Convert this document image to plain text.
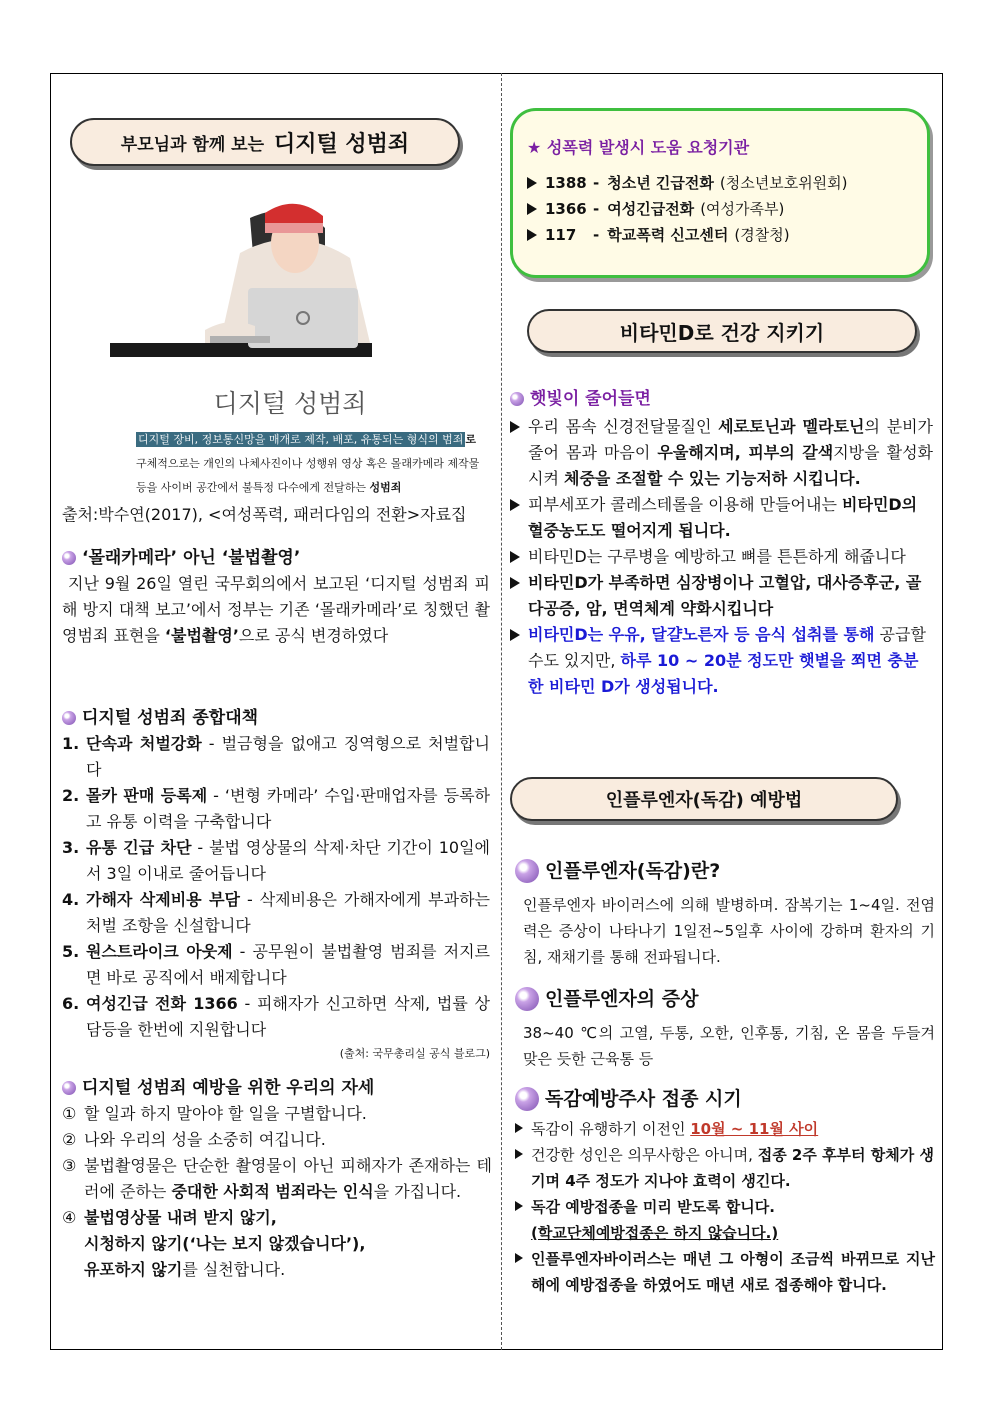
부모님과 함께 보는 디지털 성범죄
디지털 성범죄
디지털 장비, 정보통신망을 매개로 제작, 배포, 유통되는 형식의 범죄 로
구체적으로는 개인의 나체사진이나 성행위 영상 혹은 몰래카메라 제작물
등을 사이버 공간에서 불특정 다수에게 전달하는 성범죄
출처:박수연(2017), <여성폭력, 패러다임의 전환>자료집
‘몰래카메라’ 아닌 ‘불법촬영’
지난 9월 26일 열린 국무회의에서 보고된 ‘디지털 성범죄 피해 방지 대책 보고’에서 정부는 기존 ‘몰래카메라’로 칭했던 촬영범죄 표현을 ‘불법촬영’으로 공식 변경하였다
디지털 성범죄 종합대책
1. 단속과 처벌강화 - 벌금형을 없애고 징역형으로 처벌합니다
2. 몰카 판매 등록제 - ‘변형 카메라’ 수입·판매업자를 등록하고 유통 이력을 구축합니다
3. 유통 긴급 차단 - 불법 영상물의 삭제·차단 기간이 10일에서 3일 이내로 줄어듭니다
4. 가해자 삭제비용 부담 - 삭제비용은 가해자에게 부과하는 처벌 조항을 신설합니다
5. 원스트라이크 아웃제 - 공무원이 불법촬영 범죄를 저지르면 바로 공직에서 배제합니다
6. 여성긴급 전화 1366 - 피해자가 신고하면 삭제, 법률 상담등을 한번에 지원합니다
(출처: 국무총리실 공식 블로그)
디지털 성범죄 예방을 위한 우리의 자세
① 할 일과 하지 말아야 할 일을 구별합니다.
② 나와 우리의 성을 소중히 여깁니다.
③ 불법촬영물은 단순한 촬영물이 아닌 피해자가 존재하는 테러에 준하는 중대한 사회적 범죄라는 인식을 가집니다.
④ 불법영상물 내려 받지 않기,
시청하지 않기(‘나는 보지 않겠습니다’),
유포하지 않기를 실천합니다.
★ 성폭력 발생시 도움 요청기관
1388 - 청소년 긴급전화 (청소년보호위원회)
1366 - 여성긴급전화 (여성가족부)
117	- 학교폭력 신고센터 (경찰청)
비타민D로 건강 지키기
햇빛이 줄어들면
우리 몸속 신경전달물질인 세로토닌과 멜라토닌의 분비가 줄어 몸과 마음이 우울해지며, 피부의 갈색지방을 활성화시켜 체중을 조절할 수 있는 기능저하 시킵니다.
피부세포가 콜레스테롤을 이용해 만들어내는 비타민D의 혈중농도도 떨어지게 됩니다.
비타민D는 구루병을 예방하고 뼈를 튼튼하게 해줍니다
비타민D가 부족하면 심장병이나 고혈압, 대사증후군, 골다공증, 암, 면역체계 약화시킵니다
비타민D는 우유, 달걀노른자 등 음식 섭취를 통해 공급할 수도 있지만, 하루 10 ~ 20분 정도만 햇볕을 쬐면 충분한 비타민 D가 생성됩니다.
인플루엔자(독감) 예방법
인플루엔자(독감)란?
인플루엔자 바이러스에 의해 발병하며. 잠복기는 1~4일. 전염력은 증상이 나타나기 1일전~5일후 사이에 강하며 환자의 기침, 재채기를 통해 전파됩니다.
인플루엔자의 증상
38~40 ℃의 고열, 두통, 오한, 인후통, 기침, 온 몸을 두들겨 맞은 듯한 근육통 등
독감예방주사 접종 시기
독감이 유행하기 이전인 10월 ~ 11월 사이
건강한 성인은 의무사항은 아니며, 접종 2주 후부터 항체가 생기며 4주 정도가 지나야 효력이 생긴다.
독감 예방접종을 미리 받도록 합니다.
(학교단체예방접종은 하지 않습니다.)
인플루엔자바이러스는 매년 그 아형이 조금씩 바뀌므로 지난해에 예방접종을 하였어도 매년 새로 접종해야 합니다.
